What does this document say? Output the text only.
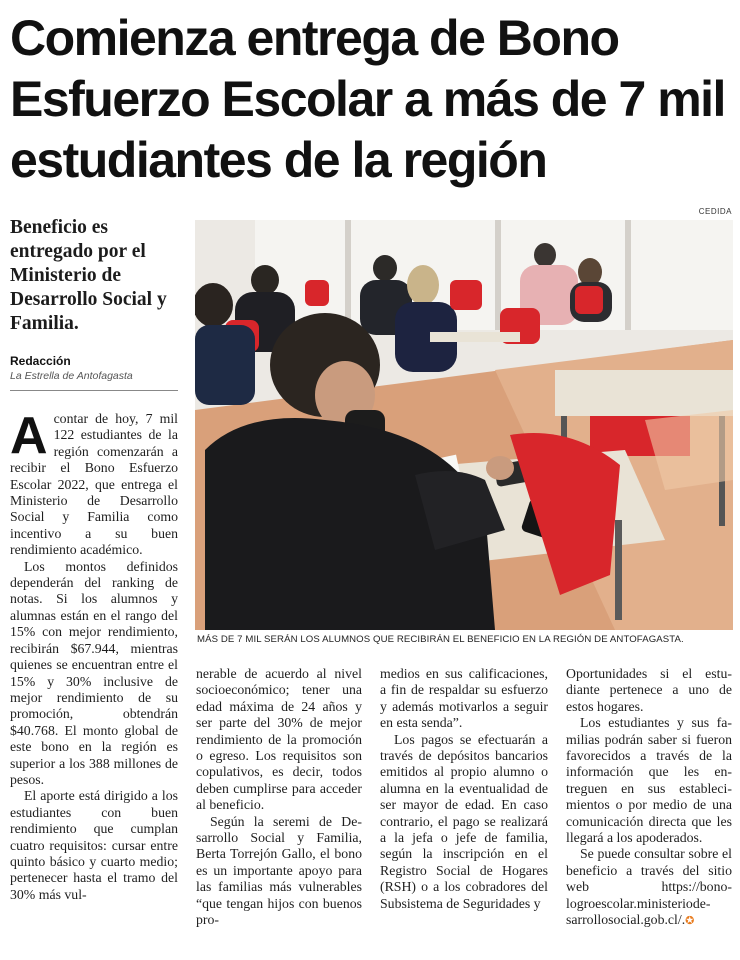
Comienza entrega de Bono Esfuerzo Escolar a más de 7 mil estudiantes de la región
CEDIDA
Beneficio es entregado por el Ministerio de Desarrollo Social y Familia.
Redacción
La Estrella de Antofagasta
MÁS DE 7 MIL SERÁN LOS ALUMNOS QUE RECIBIRÁN EL BENEFICIO EN LA REGIÓN DE ANTOFAGASTA.

Acontar de hoy, 7 mil 122 estudiantes de la región comenzarán a recibir el Bono Esfuerzo Escolar 2022, que entrega el Ministerio de Desarrollo Social y Familia como incentivo a su buen rendimiento académico.

Los montos definidos dependerán del ranking de notas. Si los alumnos y alumnas están en el rango del 15% con mejor rendimiento, recibirán $67.944, mientras quienes se encuentran entre el 15% y 30% inclusive de mejor rendimiento de su promoción, obtendrán $40.768. El monto global de este bono en la región es superior a los 388 millones de pesos.

El aporte está dirigido a los estudiantes con buen rendimiento que cumplan cuatro requisitos: cursar entre quinto básico y cuarto medio; pertenecer hasta el tramo del 30% más vul-

nerable de acuerdo al nivel socioeconómico; tener una edad máxima de 24 años y ser parte del 30% de mejor rendimiento de la promoción o egreso. Los requisitos son copulativos, es decir, todos deben cumplirse para acceder al beneficio.

Según la seremi de Desarrollo Social y Familia, Berta Torrejón Gallo, el bono es un importante apoyo para las familias más vulnerables “que tengan hijos con buenos pro-

medios en sus calificaciones, a fin de respaldar su esfuerzo y además motivarlos a seguir en esta senda”.

Los pagos se efectuarán a través de depósitos bancarios emitidos al propio alumno o alumna en la eventualidad de ser mayor de edad. En caso contrario, el pago se realizará a la jefa o jefe de familia, según la inscripción en el Registro Social de Hogares (RSH) o a los cobradores del Subsistema de Seguridades y

Oportunidades si el estudiante pertenece a uno de estos hogares.

Los estudiantes y sus familias podrán saber si fueron favorecidos a través de la información que les entreguen en sus establecimientos o por medio de una comunicación directa que les llegará a los apoderados.

Se puede consultar sobre el beneficio a través del sitio web https://bonologroescolar.ministeriodesarrollosocial.gob.cl/.✪
